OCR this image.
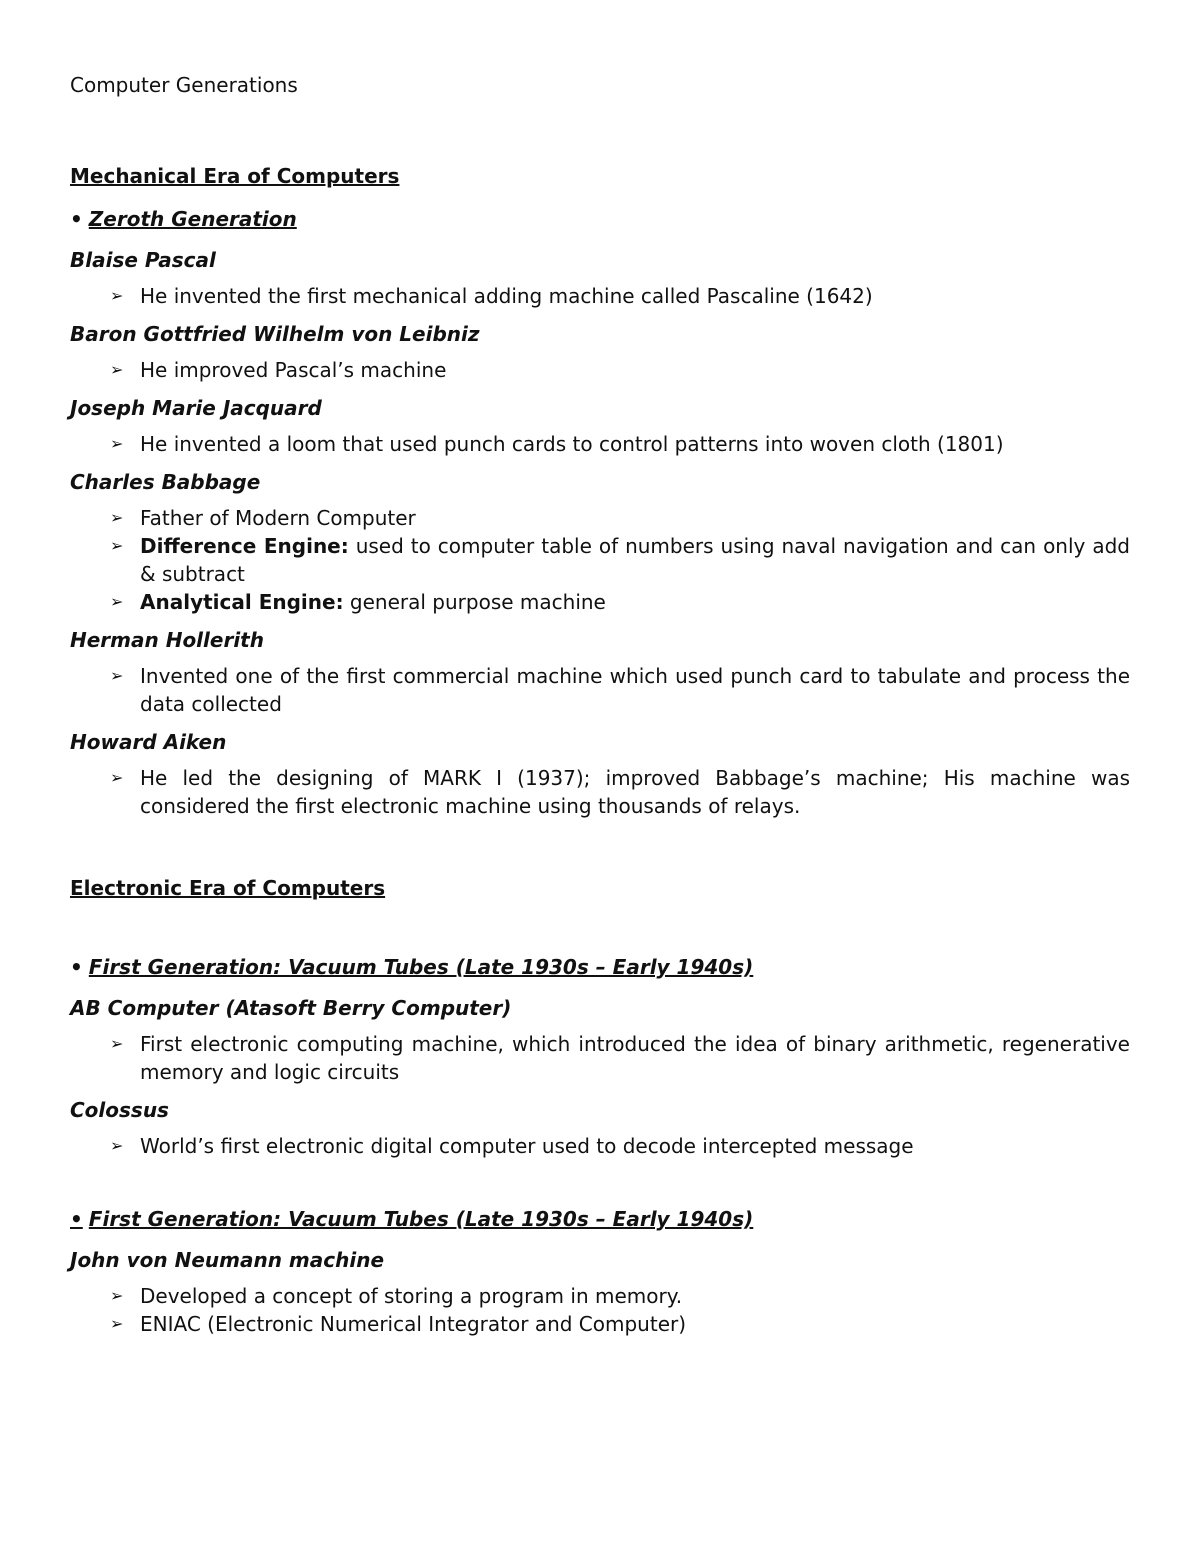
Computer Generations
Mechanical Era of Computers
• Zeroth Generation
Blaise Pascal
➢ He invented the first mechanical adding machine called Pascaline (1642)
Baron Gottfried Wilhelm von Leibniz
➢ He improved Pascal’s machine
Joseph Marie Jacquard
➢ He invented a loom that used punch cards to control patterns into woven cloth (1801)
Charles Babbage
➢ Father of Modern Computer
➢ Difference Engine: used to computer table of numbers using naval navigation and can only add & subtract
➢ Analytical Engine: general purpose machine
Herman Hollerith
➢ Invented one of the first commercial machine which used punch card to tabulate and process the data collected
Howard Aiken
➢ He led the designing of MARK I (1937); improved Babbage’s machine; His machine was considered the first electronic machine using thousands of relays.
Electronic Era of Computers
• First Generation: Vacuum Tubes (Late 1930s – Early 1940s)
AB Computer (Atasoft Berry Computer)
➢ First electronic computing machine, which introduced the idea of binary arithmetic, regenerative memory and logic circuits
Colossus
➢ World’s first electronic digital computer used to decode intercepted message
• First Generation: Vacuum Tubes (Late 1930s – Early 1940s)
John von Neumann machine
➢ Developed a concept of storing a program in memory.
➢ ENIAC (Electronic Numerical Integrator and Computer)
